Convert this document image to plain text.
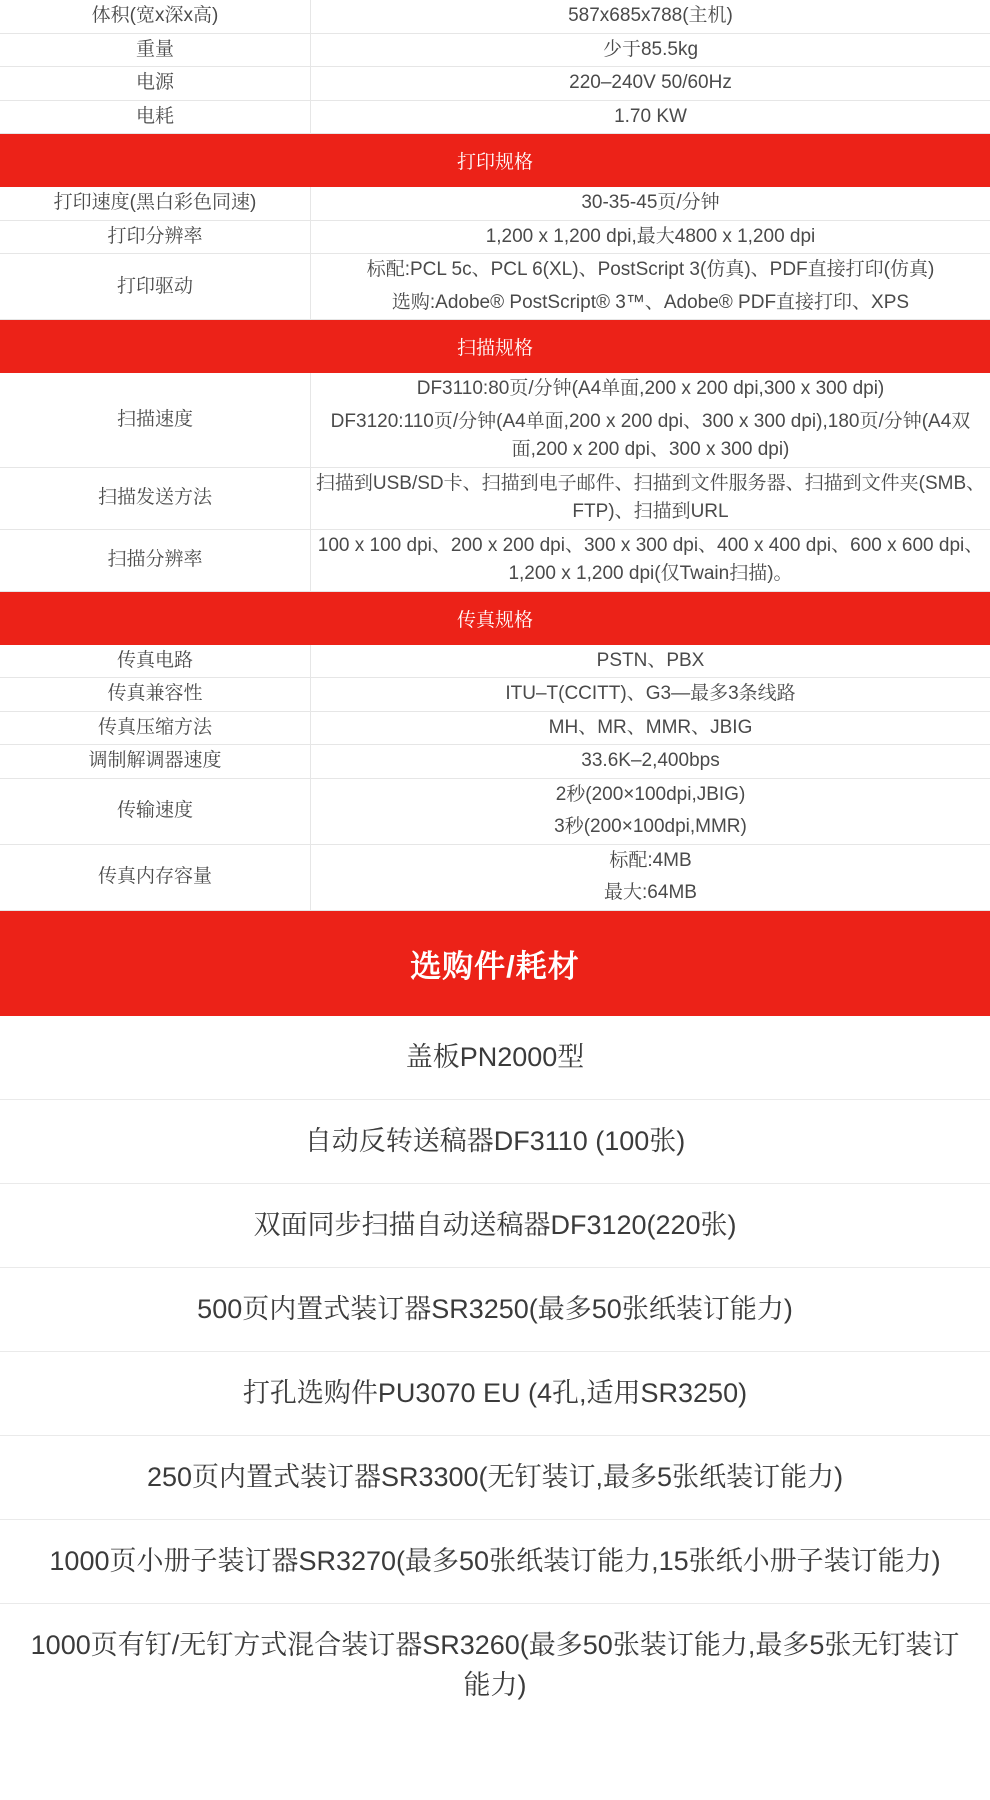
体积(宽x深x高)	587x685x788(主机)

重量	少于85.5kg

电源	220–240V 50/60Hz

电耗	1.70 KW

打印规格	
打印速度(黑白彩色同速)	30-35-45页/分钟

打印分辨率	1,200 x 1,200 dpi,最大4800 x 1,200 dpi

打印驱动	标配:PCL 5c、PCL 6(XL)、PostScript 3(仿真)、PDF直接打印(仿真)
选购:Adobe® PostScript® 3™、Adobe® PDF直接打印、XPS

扫描规格	
扫描速度	DF3110:80页/分钟(A4单面,200 x 200 dpi,300 x 300 dpi)
DF3120:110页/分钟(A4单面,200 x 200 dpi、300 x 300 dpi),180页/分钟(A4双面,200 x 200 dpi、300 x 300 dpi)

扫描发送方法	扫描到USB/SD卡、扫描到电子邮件、扫描到文件服务器、扫描到文件夹(SMB、FTP)、扫描到URL

扫描分辨率	100 x 100 dpi、200 x 200 dpi、300 x 300 dpi、400 x 400 dpi、600 x 600 dpi、1,200 x 1,200 dpi(仅Twain扫描)。

传真规格	
传真电路	PSTN、PBX

传真兼容性	ITU–T(CCITT)、G3—最多3条线路

传真压缩方法	MH、MR、MMR、JBIG

调制解调器速度	33.6K–2,400bps

传输速度	2秒(200×100dpi,JBIG)
3秒(200×100dpi,MMR)

传真内存容量	标配:4MB
最大:64MB
选购件/耗材
盖板PN2000型
自动反转送稿器DF3110 (100张)
双面同步扫描自动送稿器DF3120(220张)
500页内置式装订器SR3250(最多50张纸装订能力)
打孔选购件PU3070 EU (4孔,适用SR3250)
250页内置式装订器SR3300(无钉装订,最多5张纸装订能力)
1000页小册子装订器SR3270(最多50张纸装订能力,15张纸小册子装订能力)
1000页有钉/无钉方式混合装订器SR3260(最多50张装订能力,最多5张无钉装订能力)
